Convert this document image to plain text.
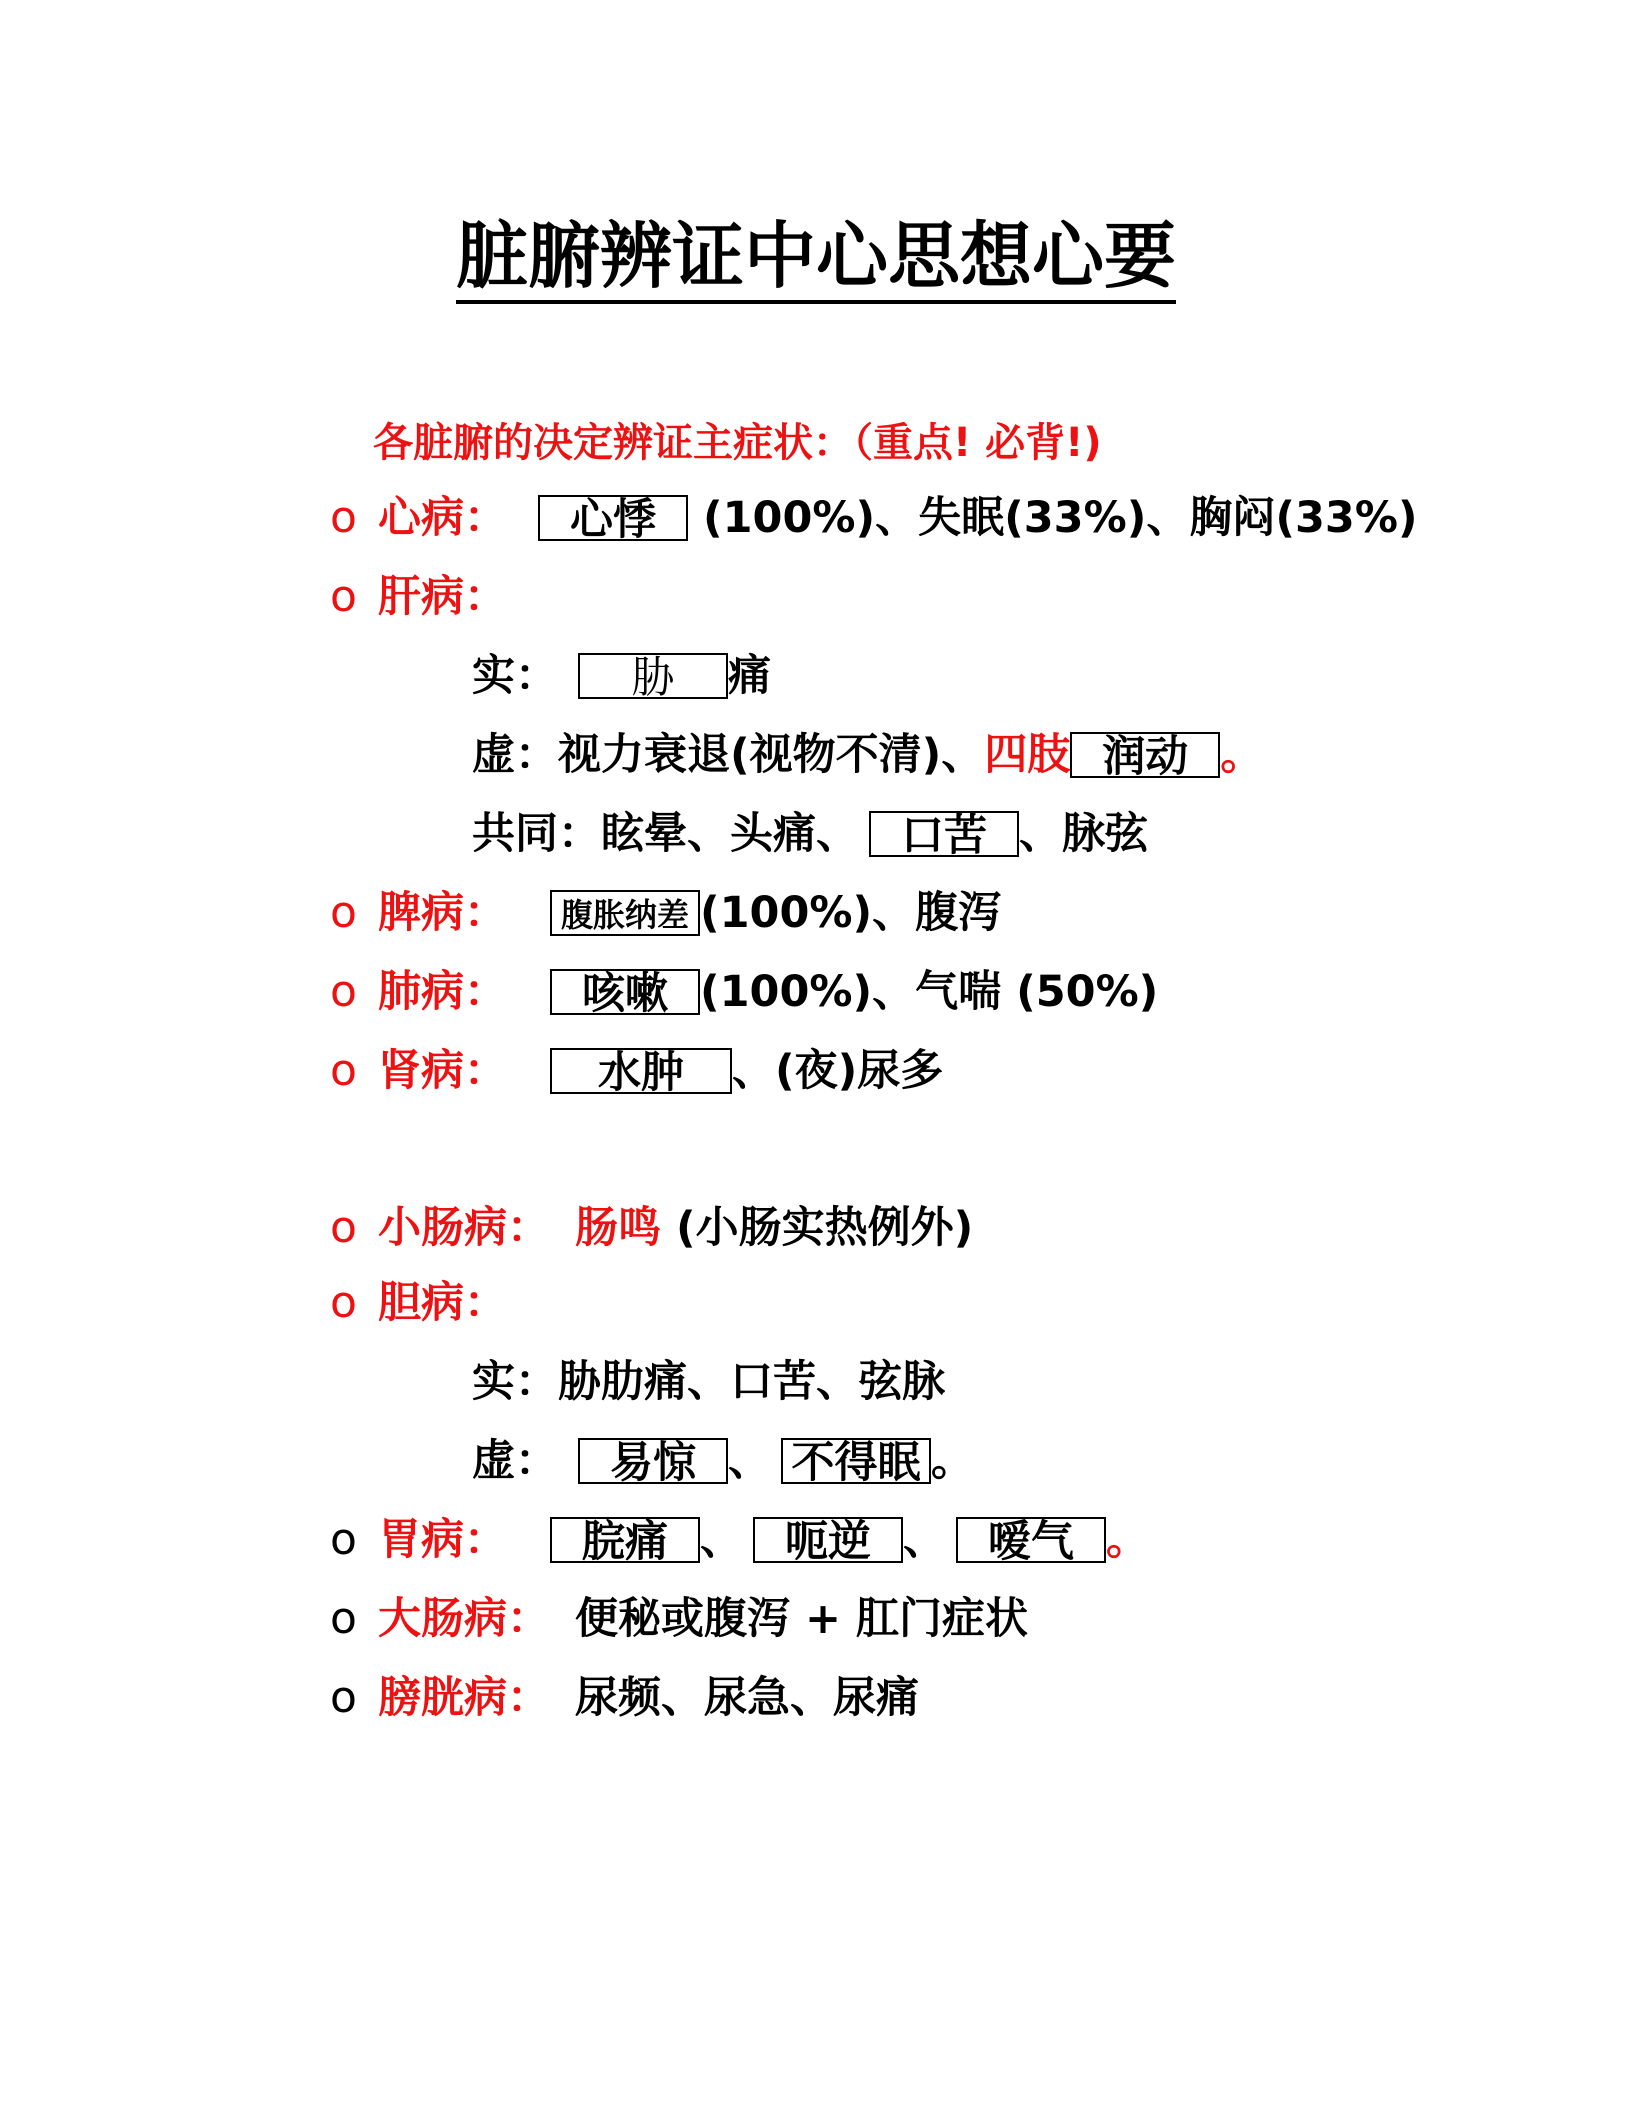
脏腑辨证中心思想心要
各脏腑的决定辨证主症状：（重点! 必背!)
o 心病： 心悸 (100%)、失眠(33%)、胸闷(33%)
o 肝病：
实： 胁 痛
虚：视力衰退(视物不清)、四肢 润动 。
共同：眩晕、头痛、 口苦 、脉弦
o 脾病： 腹胀纳差 (100%)、腹泻
o 肺病： 咳嗽 (100%)、气喘 (50%)
o 肾病： 水肿 、(夜)尿多
o 小肠病： 肠鸣 (小肠实热例外)
o 胆病：
实：胁肋痛、口苦、弦脉
虚： 易惊 、 不得眠 。
o 胃病： 脘痛 、 呃逆 、 嗳气 。
o 大肠病： 便秘或腹泻 + 肛门症状
o 膀胱病： 尿频、尿急、尿痛
